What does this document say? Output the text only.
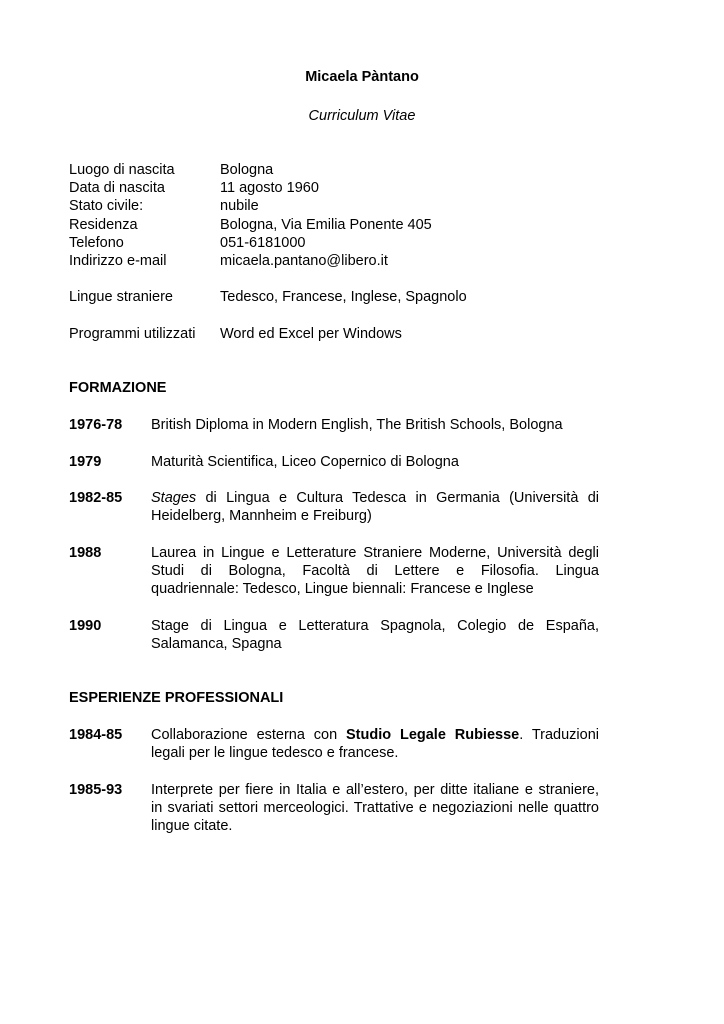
Micaela Pàntano
Curriculum Vitae
Luogo di nascita	Bologna
Data di nascita	11 agosto 1960
Stato civile:	nubile
Residenza	Bologna, Via Emilia Ponente 405
Telefono	051-6181000
Indirizzo e-mail	micaela.pantano@libero.it
Lingue straniere	Tedesco, Francese, Inglese, Spagnolo
Programmi utilizzati	Word ed Excel per Windows
FORMAZIONE
1976-78	British Diploma in Modern English, The British Schools, Bologna
1979	Maturità Scientifica, Liceo Copernico di Bologna
1982-85	Stages di Lingua e Cultura Tedesca in Germania (Università di
Heidelberg, Mannheim e Freiburg)
1988	Laurea in Lingue e Letterature Straniere Moderne, Università degli
Studi di Bologna, Facoltà di Lettere e Filosofia. Lingua
quadriennale: Tedesco, Lingue biennali: Francese e Inglese
1990	Stage di Lingua e Letteratura Spagnola, Colegio de España,
Salamanca, Spagna
ESPERIENZE PROFESSIONALI
1984-85	Collaborazione esterna con Studio Legale Rubiesse. Traduzioni
legali per le lingue tedesco e francese.
1985-93	Interprete per fiere in Italia e all’estero, per ditte italiane e straniere,
in svariati settori merceologici. Trattative e negoziazioni nelle quattro
lingue citate.
